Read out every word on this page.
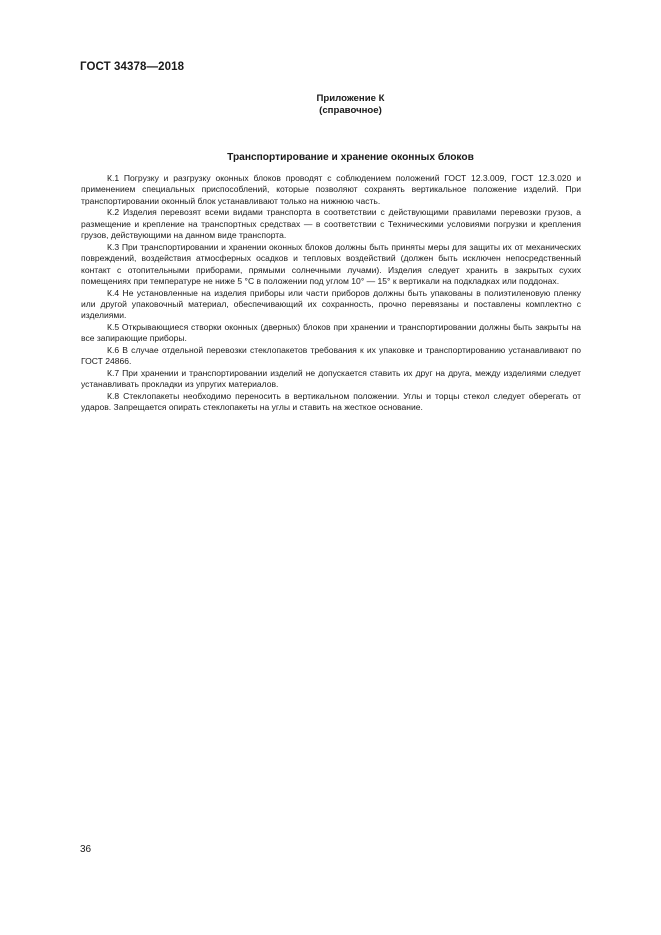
ГОСТ 34378—2018
Приложение К
(справочное)
Транспортирование и хранение оконных блоков

К.1 Погрузку и разгрузку оконных блоков проводят с соблюдением положений ГОСТ 12.3.009, ГОСТ 12.3.020 и применением специальных приспособлений, которые позволяют сохранять вертикальное положение изделий. При транспортировании оконный блок устанавливают только на нижнюю часть.

К.2 Изделия перевозят всеми видами транспорта в соответствии с действующими правилами перевозки грузов, а размещение и крепление на транспортных средствах — в соответствии с Техническими условиями погрузки и крепления грузов, действующими на данном виде транспорта.

К.3 При транспортировании и хранении оконных блоков должны быть приняты меры для защиты их от механических повреждений, воздействия атмосферных осадков и тепловых воздействий (должен быть исключен непосредственный контакт с отопительными приборами, прямыми солнечными лучами). Изделия следует хранить в закрытых сухих помещениях при температуре не ниже 5 °С в положении под углом 10° — 15° к вертикали на подкладках или поддонах.

К.4 Не установленные на изделия приборы или части приборов должны быть упакованы в полиэтиленовую пленку или другой упаковочный материал, обеспечивающий их сохранность, прочно перевязаны и поставлены комплектно с изделиями.

К.5 Открывающиеся створки оконных (дверных) блоков при хранении и транспортировании должны быть закрыты на все запирающие приборы.

К.6 В случае отдельной перевозки стеклопакетов требования к их упаковке и транспортированию устанавливают по ГОСТ 24866.

К.7 При хранении и транспортировании изделий не допускается ставить их друг на друга, между изделиями следует устанавливать прокладки из упругих материалов.

К.8 Стеклопакеты необходимо переносить в вертикальном положении. Углы и торцы стекол следует оберегать от ударов. Запрещается опирать стеклопакеты на углы и ставить на жесткое основание.

36
